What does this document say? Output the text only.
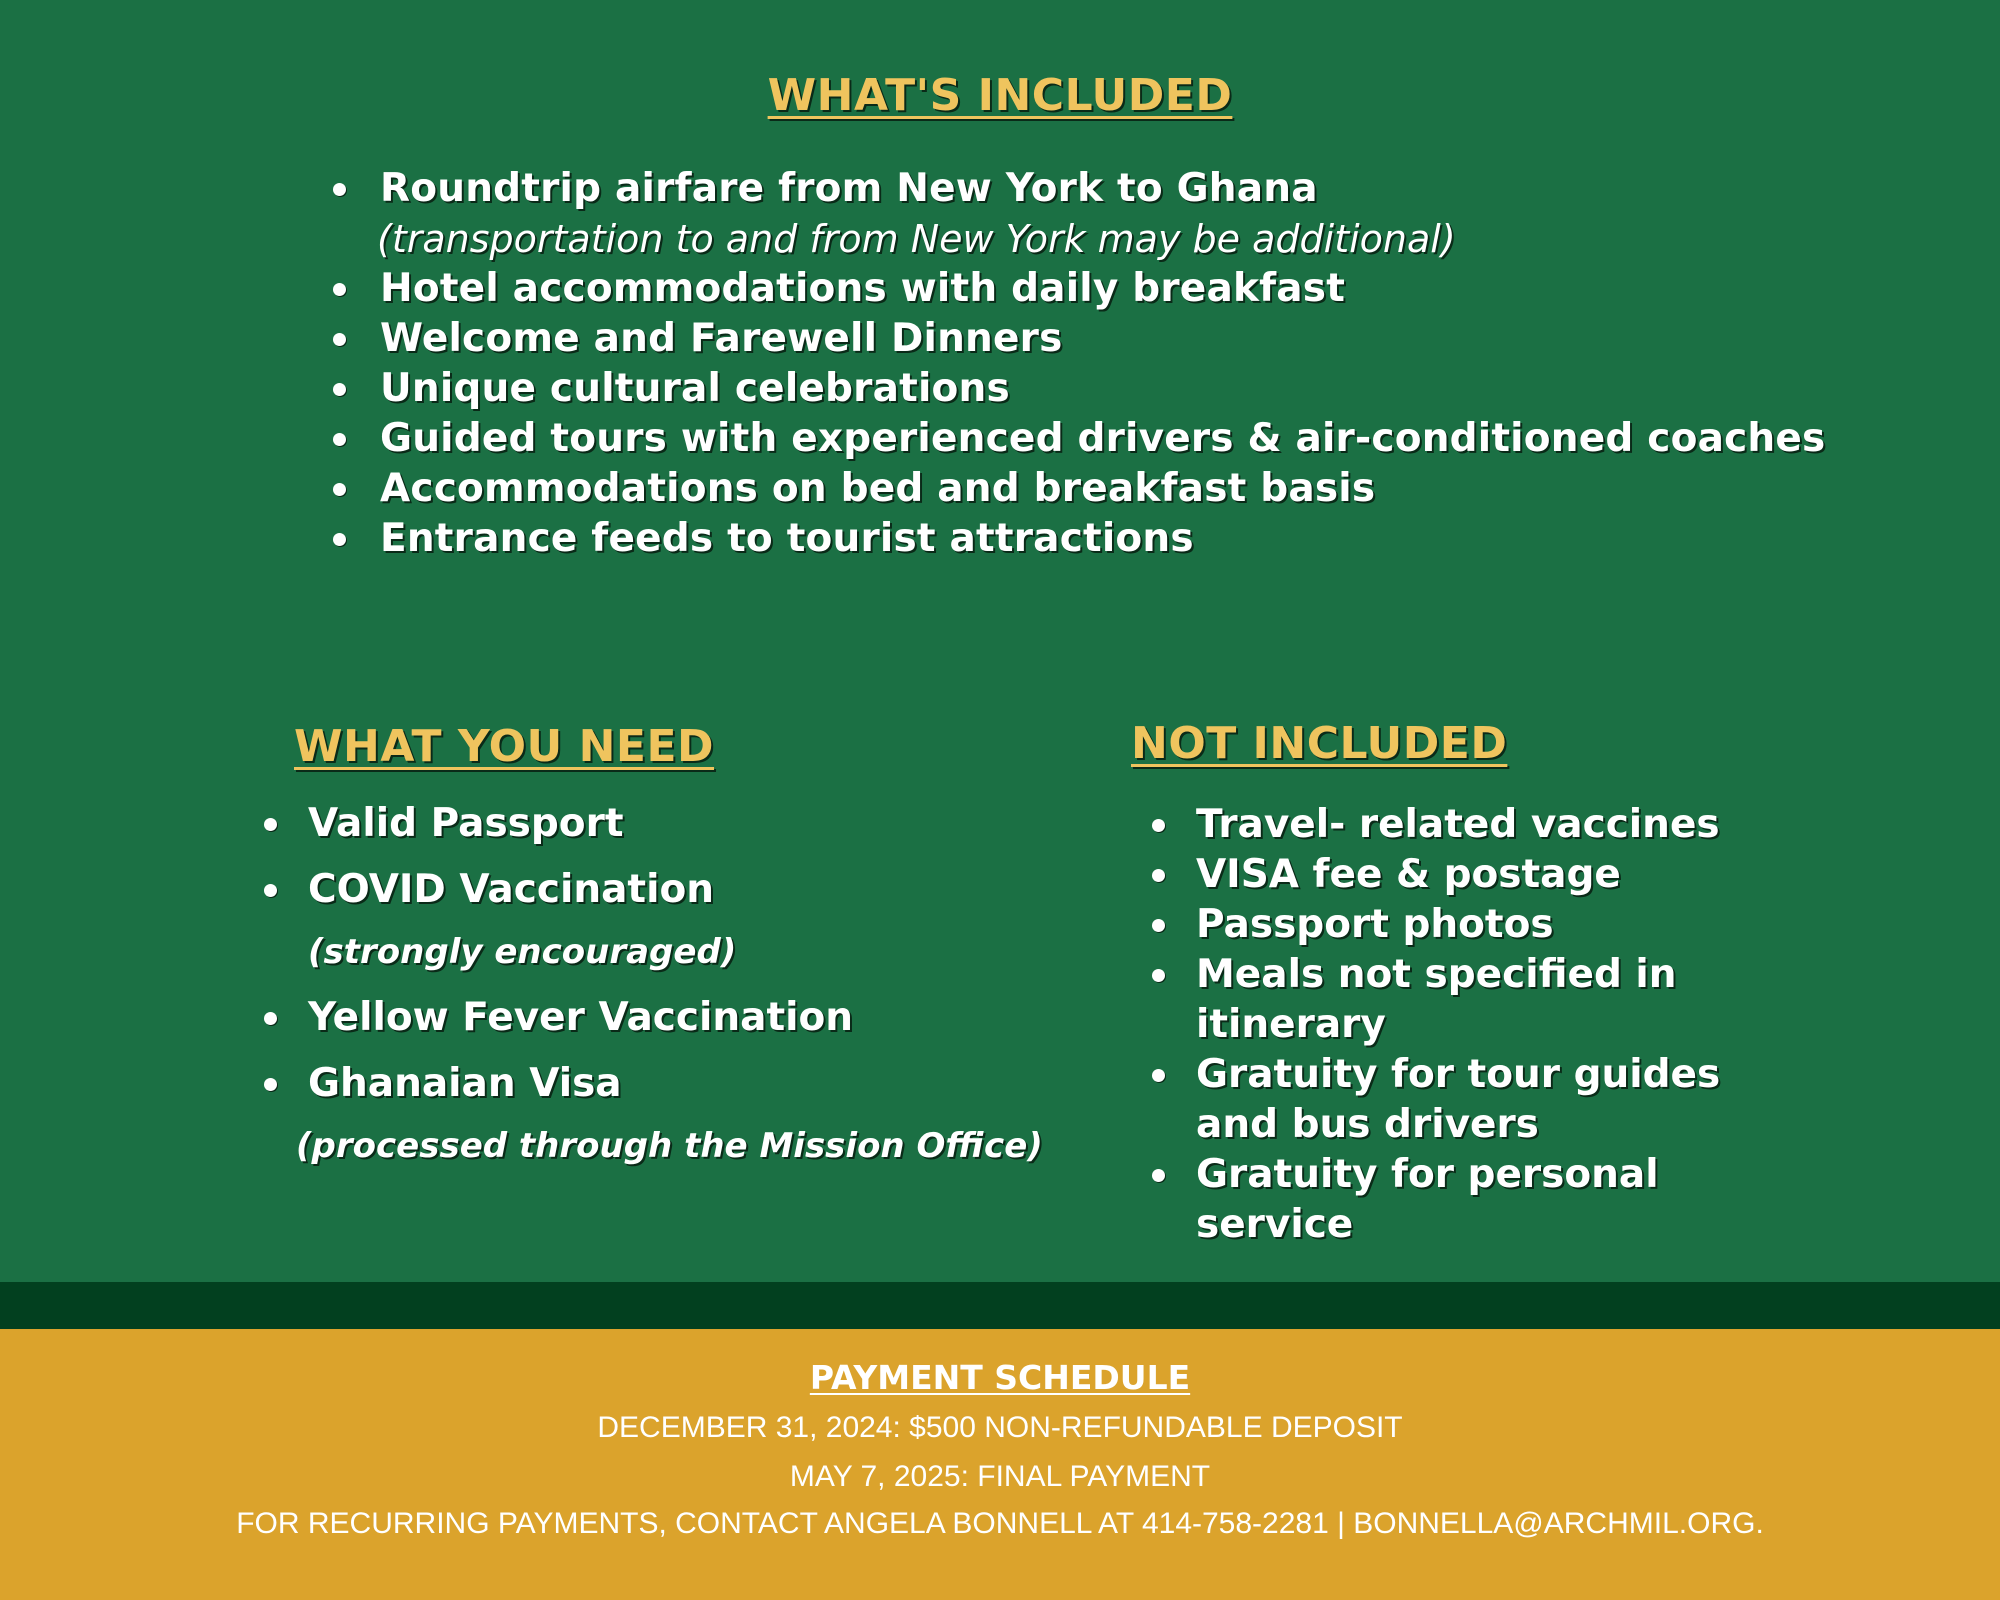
WHAT'S INCLUDED
Roundtrip airfare from New York to Ghana
(transportation to and from New York may be additional)
Hotel accommodations with daily breakfast
Welcome and Farewell Dinners
Unique cultural celebrations
Guided tours with experienced drivers & air-conditioned coaches
Accommodations on bed and breakfast basis
Entrance feeds to tourist attractions
WHAT YOU NEED
Valid Passport
COVID Vaccination
(strongly encouraged)
Yellow Fever Vaccination
Ghanaian Visa
(processed through the Mission Office)
NOT INCLUDED
Travel- related vaccines
VISA fee & postage
Passport photos
Meals not specified in itinerary
Gratuity for tour guides and bus drivers
Gratuity for personal service
PAYMENT SCHEDULE

DECEMBER 31, 2024: $500 NON-REFUNDABLE DEPOSIT

MAY 7, 2025: FINAL PAYMENT

FOR RECURRING PAYMENTS, CONTACT ANGELA BONNELL AT 414-758-2281 | BONNELLA@ARCHMIL.ORG.
